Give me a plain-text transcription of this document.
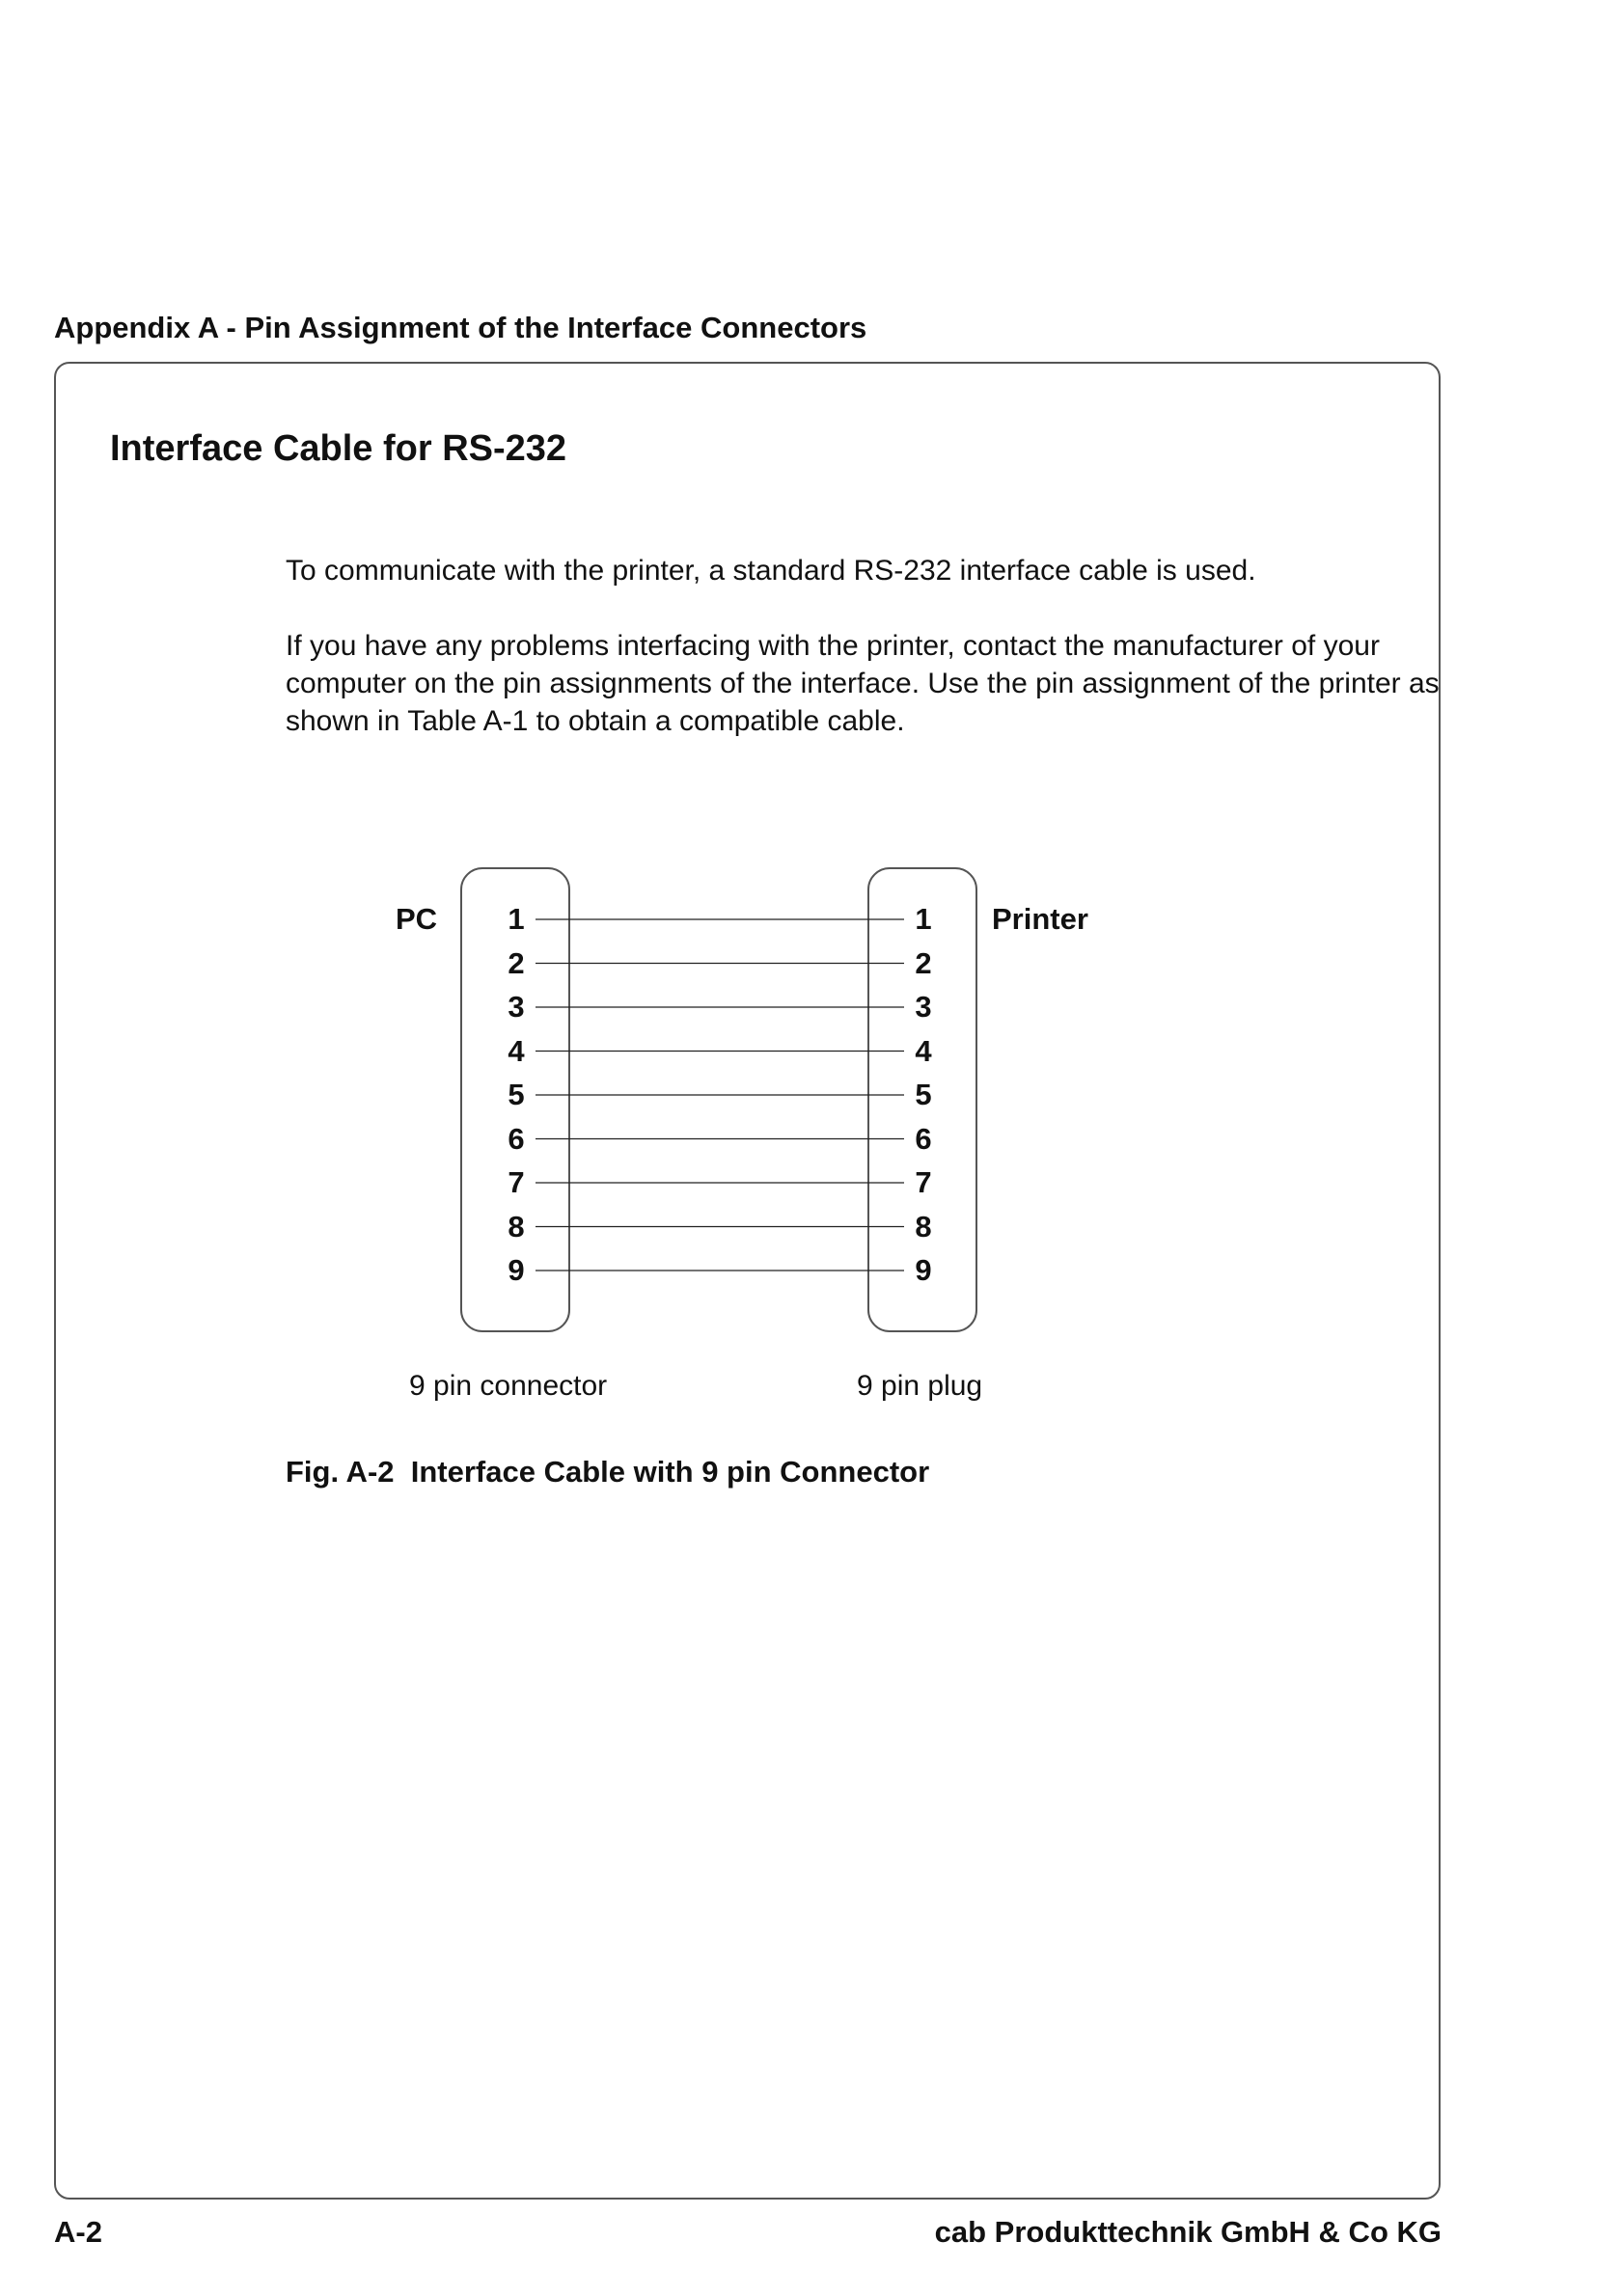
Appendix A - Pin Assignment of the Interface Connectors
Interface Cable for RS-232

To communicate with the printer, a standard RS-232 interface cable is used.

If you have any problems interfacing with the printer, contact the manufacturer of your computer on the pin assignments of the interface. Use the pin assignment of the printer as shown in Table A-1 to obtain a compatible cable.

PC	Printer
1
2
3
4
5
6
7
8
9
1
2
3
4
5
6
7
8
9
9 pin connector	9 pin plug

Fig. A-2  Interface Cable with 9 pin Connector

A-2	cab Produkttechnik GmbH & Co KG
